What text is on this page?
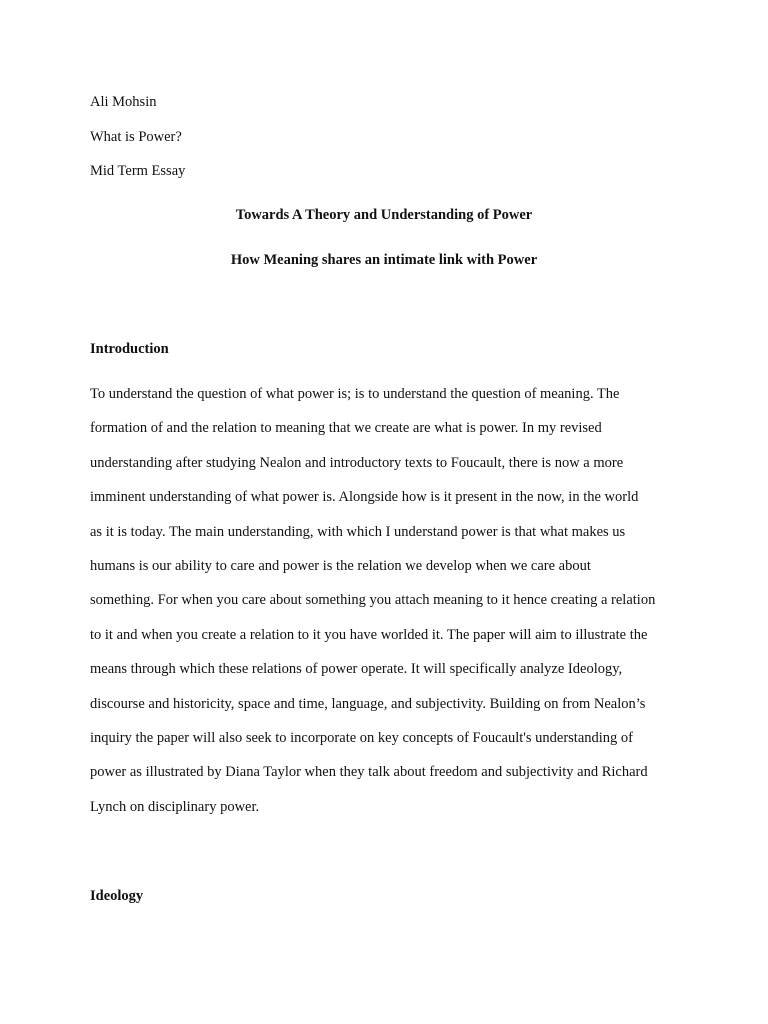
Ali Mohsin
What is Power?
Mid Term Essay
Towards A Theory and Understanding of Power
How Meaning shares an intimate link with Power
Introduction
To understand the question of what power is; is to understand the question of meaning. The
formation of and the relation to meaning that we create are what is power. In my revised
understanding after studying Nealon and introductory texts to Foucault, there is now a more
imminent understanding of what power is. Alongside how is it present in the now, in the world
as it is today. The main understanding, with which I understand power is that what makes us
humans is our ability to care and power is the relation we develop when we care about
something. For when you care about something you attach meaning to it hence creating a relation
to it and when you create a relation to it you have worlded it. The paper will aim to illustrate the
means through which these relations of power operate. It will specifically analyze Ideology,
discourse and historicity, space and time, language, and subjectivity. Building on from Nealon’s
inquiry the paper will also seek to incorporate on key concepts of Foucault's understanding of
power as illustrated by Diana Taylor when they talk about freedom and subjectivity and Richard
Lynch on disciplinary power.
Ideology
